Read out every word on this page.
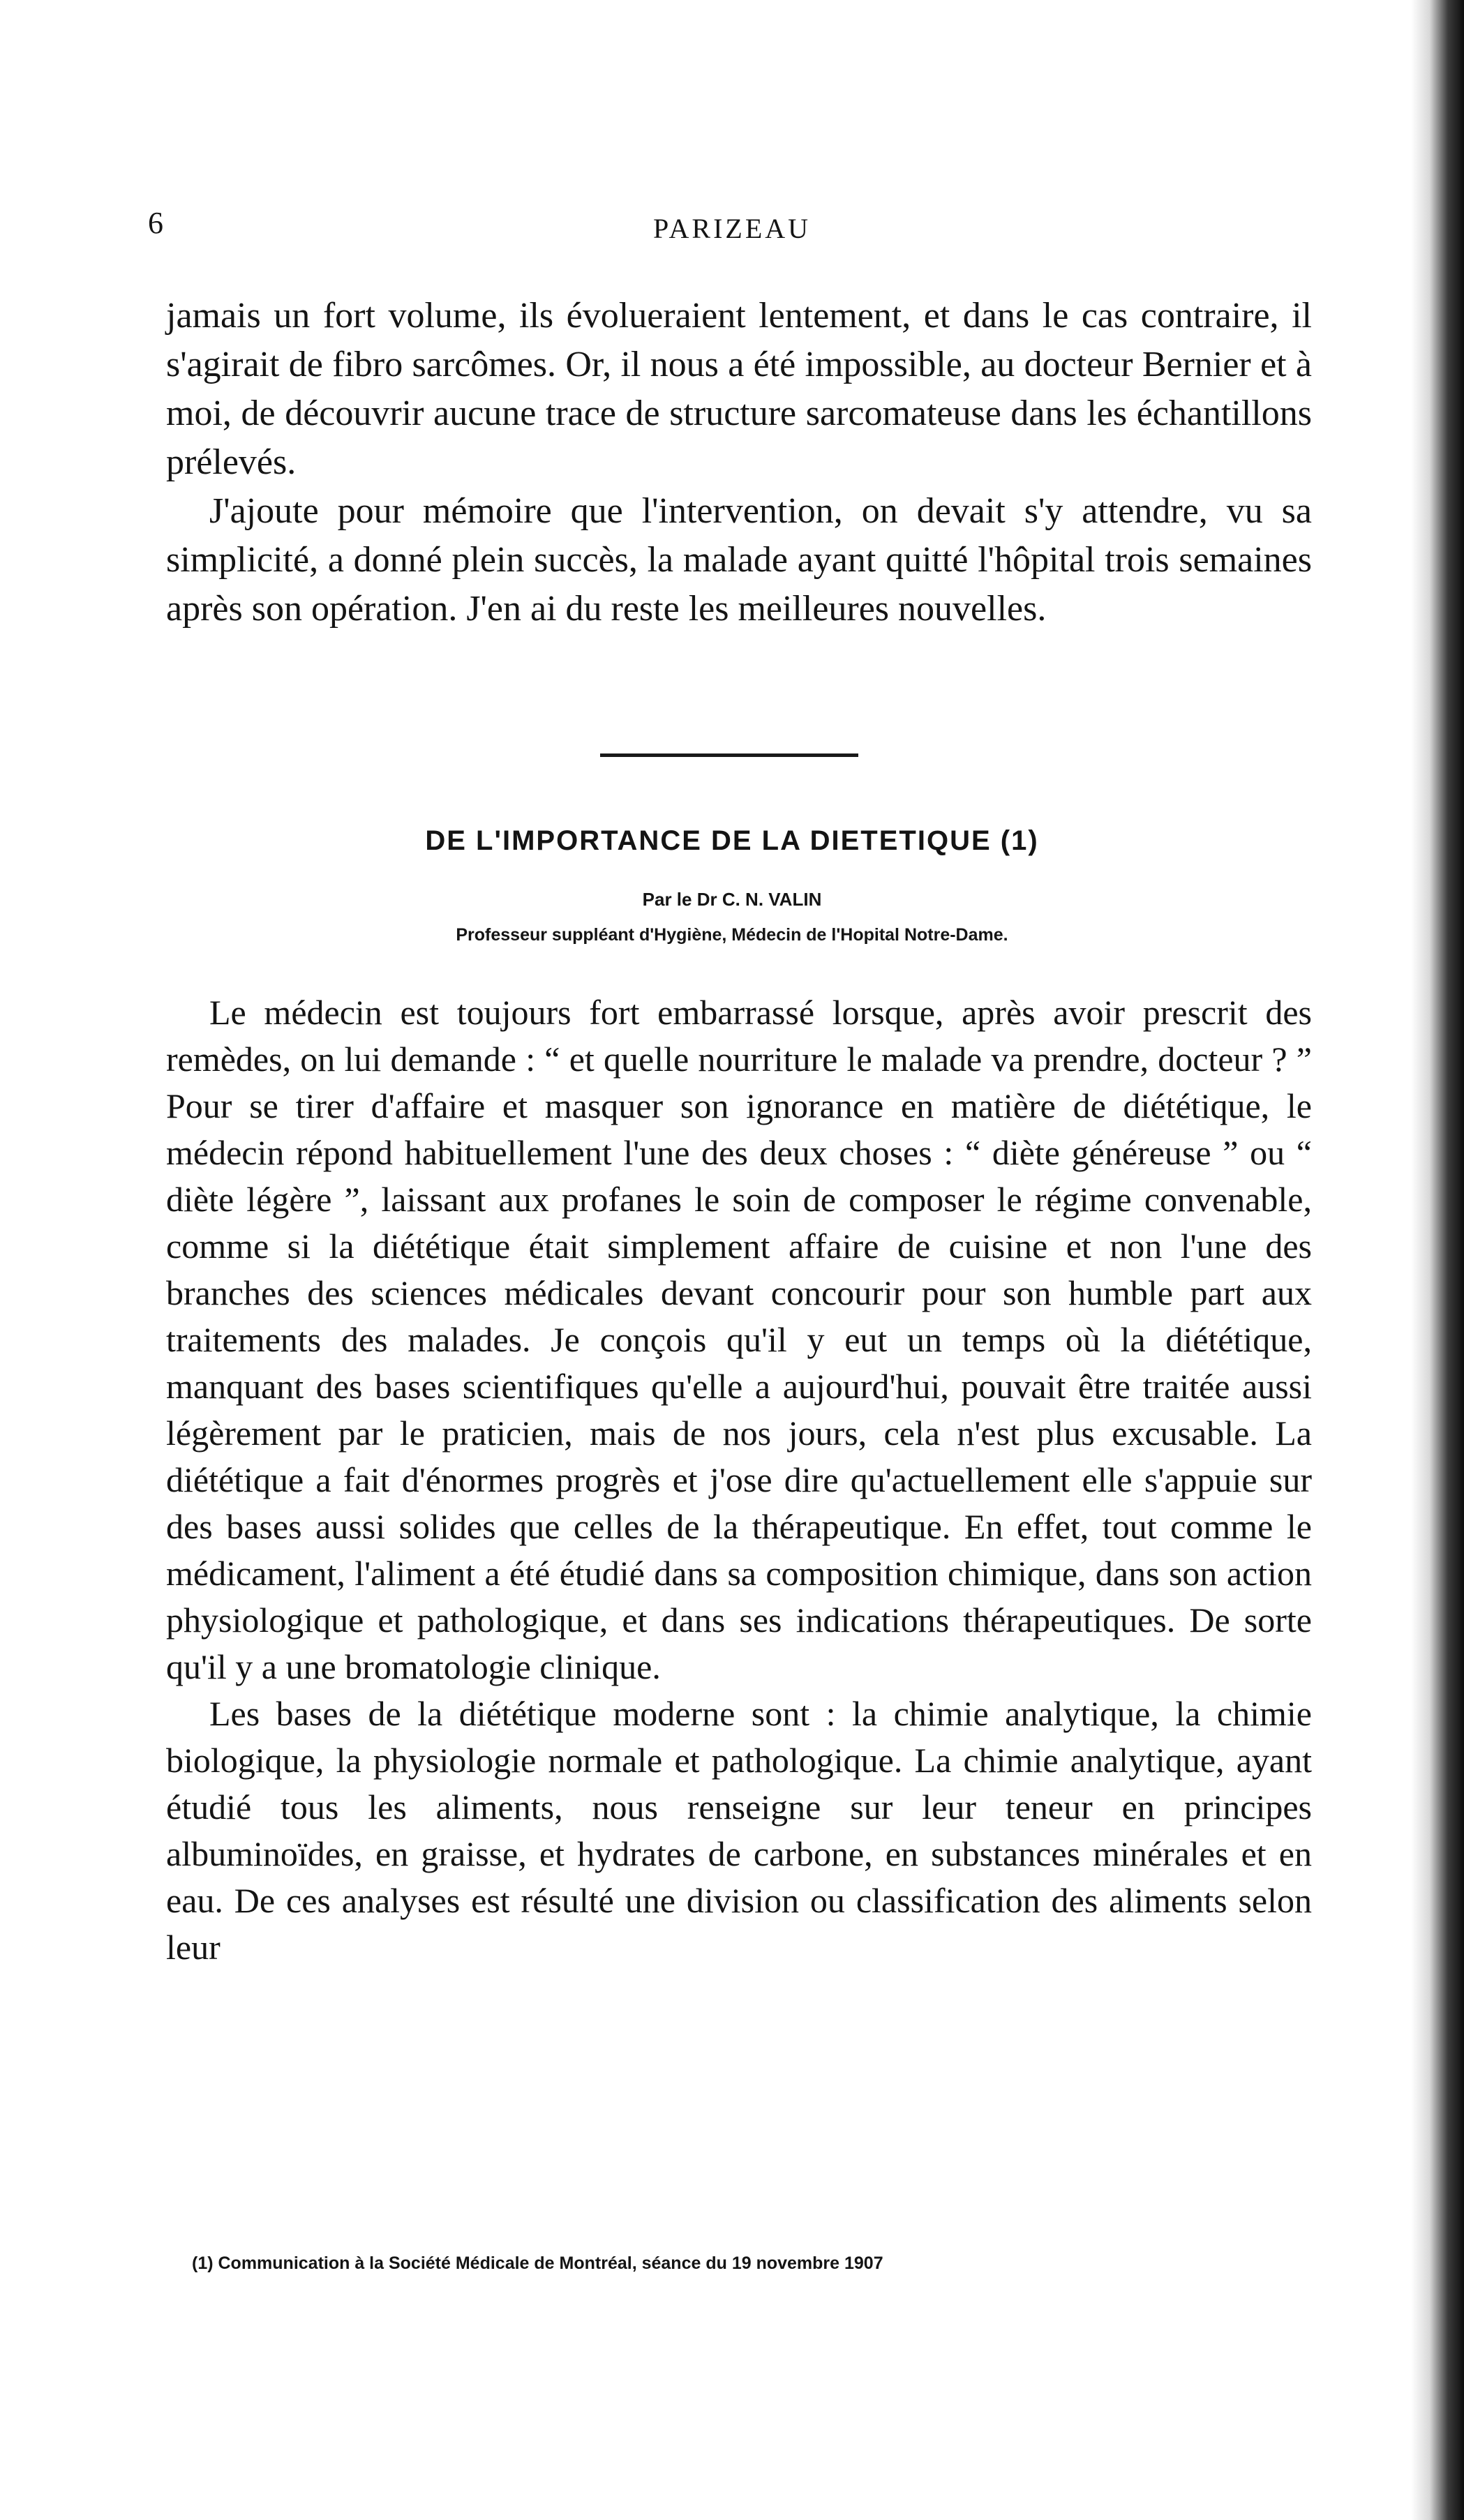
6	PARIZEAU

jamais un fort volume, ils évolueraient lentement, et dans le cas contraire, il s'agirait de fibro sarcômes. Or, il nous a été impossible, au docteur Bernier et à moi, de découvrir aucune trace de structure sarcomateuse dans les échantillons prélevés.

J'ajoute pour mémoire que l'intervention, on devait s'y attendre, vu sa simplicité, a donné plein succès, la malade ayant quitté l'hôpital trois semaines après son opération. J'en ai du reste les meilleures nouvelles.

DE L'IMPORTANCE DE LA DIETETIQUE (1)
Par le Dr C. N. VALIN
Professeur suppléant d'Hygiène, Médecin de l'Hopital Notre-Dame.

Le médecin est toujours fort embarrassé lorsque, après avoir prescrit des remèdes, on lui demande : “ et quelle nourriture le malade va prendre, docteur ? ” Pour se tirer d'affaire et masquer son ignorance en matière de diététique, le médecin répond habituellement l'une des deux choses : “ diète généreuse ” ou “ diète légère ”, laissant aux profanes le soin de composer le régime convenable, comme si la diététique était simplement affaire de cuisine et non l'une des branches des sciences médicales devant concourir pour son humble part aux traitements des malades. Je conçois qu'il y eut un temps où la diététique, manquant des bases scientifiques qu'elle a aujourd'hui, pouvait être traitée aussi légèrement par le praticien, mais de nos jours, cela n'est plus excusable. La diététique a fait d'énormes progrès et j'ose dire qu'actuellement elle s'appuie sur des bases aussi solides que celles de la thérapeutique. En effet, tout comme le médicament, l'aliment a été étudié dans sa composition chimique, dans son action physiologique et pathologique, et dans ses indications thérapeutiques. De sorte qu'il y a une bromatologie clinique.

Les bases de la diététique moderne sont : la chimie analytique, la chimie biologique, la physiologie normale et pathologique. La chimie analytique, ayant étudié tous les aliments, nous renseigne sur leur teneur en principes albuminoïdes, en graisse, et hydrates de carbone, en substances minérales et en eau. De ces analyses est résulté une division ou classification des aliments selon leur

(1) Communication à la Société Médicale de Montréal, séance du 19 novembre 1907
